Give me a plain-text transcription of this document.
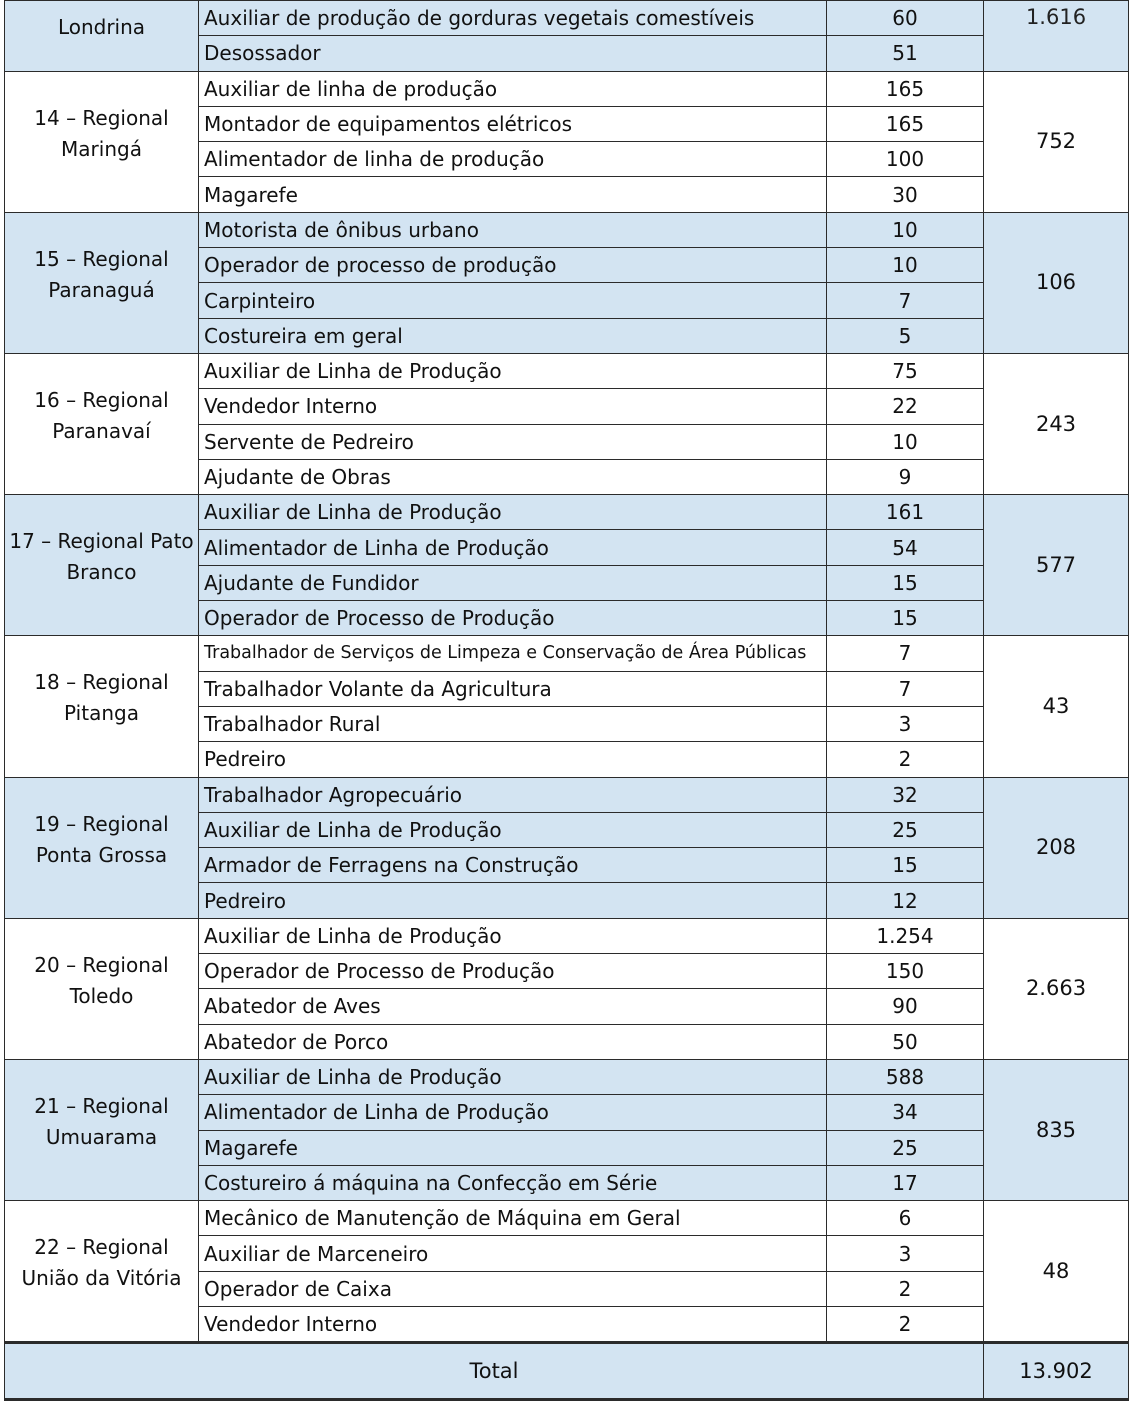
Londrina	Auxiliar de produção de gorduras vegetais comestíveis	60	1.616

	Desossador	51	

14 – Regional
Maringá	Auxiliar de linha de produção	165	752
	Montador de equipamentos elétricos	165	
	Alimentador de linha de produção	100	
	Magarefe	30	

15 – Regional
Paranaguá	Motorista de ônibus urbano	10	106
	Operador de processo de produção	10	
	Carpinteiro	7	
	Costureira em geral	5	

16 – Regional
Paranavaí	Auxiliar de Linha de Produção	75	243
	Vendedor Interno	22	
	Servente de Pedreiro	10	
	Ajudante de Obras	9	

17 – Regional Pato
Branco	Auxiliar de Linha de Produção	161	577
	Alimentador de Linha de Produção	54	
	Ajudante de Fundidor	15	
	Operador de Processo de Produção	15	

18 – Regional
Pitanga	Trabalhador de Serviços de Limpeza e Conservação de Área Públicas	7	43
	Trabalhador Volante da Agricultura	7	
	Trabalhador Rural	3	
	Pedreiro	2	

19 – Regional
Ponta Grossa	Trabalhador Agropecuário	32	208
	Auxiliar de Linha de Produção	25	
	Armador de Ferragens na Construção	15	
	Pedreiro	12	

20 – Regional
Toledo	Auxiliar de Linha de Produção	1.254	2.663
	Operador de Processo de Produção	150	
	Abatedor de Aves	90	
	Abatedor de Porco	50	

21 – Regional
Umuarama	Auxiliar de Linha de Produção	588	835
	Alimentador de Linha de Produção	34	
	Magarefe	25	
	Costureiro á máquina na Confecção em Série	17	

22 – Regional
União da Vitória	Mecânico de Manutenção de Máquina em Geral	6	48
	Auxiliar de Marceneiro	3	
	Operador de Caixa	2	
	Vendedor Interno	2	
Total			13.902
